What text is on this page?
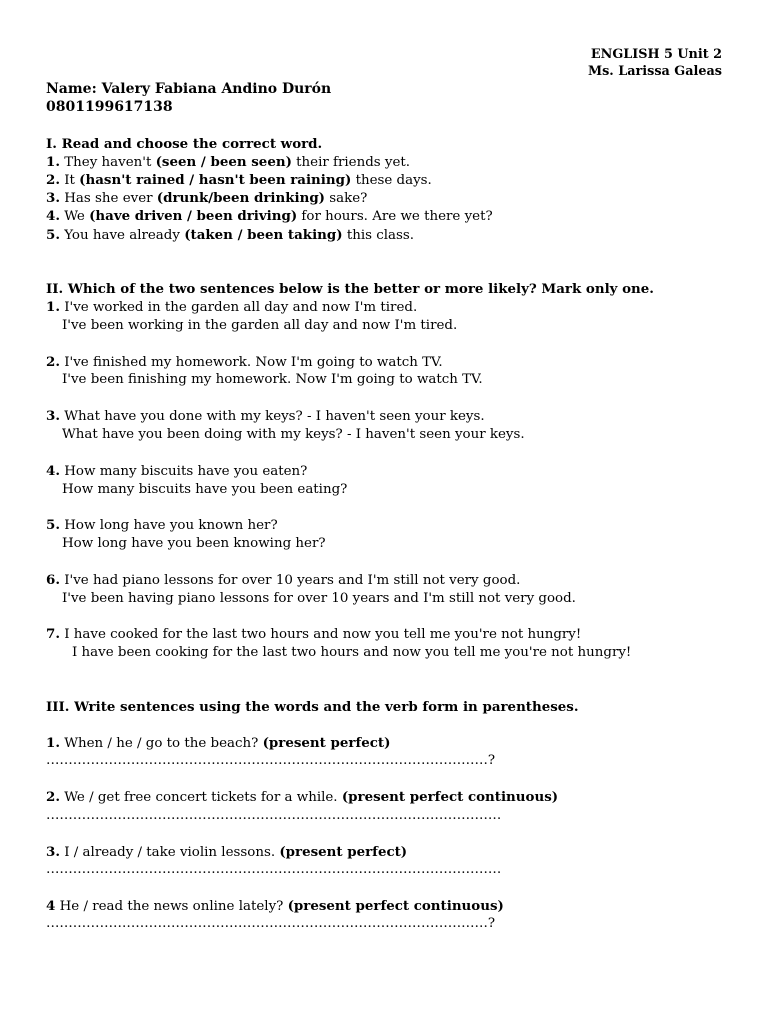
ENGLISH 5 Unit 2
Ms. Larissa Galeas
Name: Valery Fabiana Andino Durón
0801199617138
I. Read and choose the correct word.
1. They haven't (seen / been seen) their friends yet.
2. It (hasn't rained / hasn't been raining) these days.
3. Has she ever (drunk/been drinking) sake?
4. We (have driven / been driving) for hours. Are we there yet?
5. You have already (taken / been taking) this class.
II. Which of the two sentences below is the better or more likely? Mark only one.
1. I've worked in the garden all day and now I'm tired.
I've been working in the garden all day and now I'm tired.
2. I've finished my homework. Now I'm going to watch TV.
I've been finishing my homework. Now I'm going to watch TV.
3. What have you done with my keys? - I haven't seen your keys.
What have you been doing with my keys? - I haven't seen your keys.
4. How many biscuits have you eaten?
How many biscuits have you been eating?
5. How long have you known her?
How long have you been knowing her?
6. I've had piano lessons for over 10 years and I'm still not very good.
I've been having piano lessons for over 10 years and I'm still not very good.
7. I have cooked for the last two hours and now you tell me you're not hungry!
I have been cooking for the last two hours and now you tell me you're not hungry!
III. Write sentences using the words and the verb form in parentheses.
1. When / he / go to the beach? (present perfect)
………………………………………………………………………………………?
2. We / get free concert tickets for a while. (present perfect continuous)
…………………………………………………………………………………………
3. I / already / take violin lessons. (present perfect)
…………………………………………………………………………………………
4 He / read the news online lately? (present perfect continuous)
………………………………………………………………………………………?
